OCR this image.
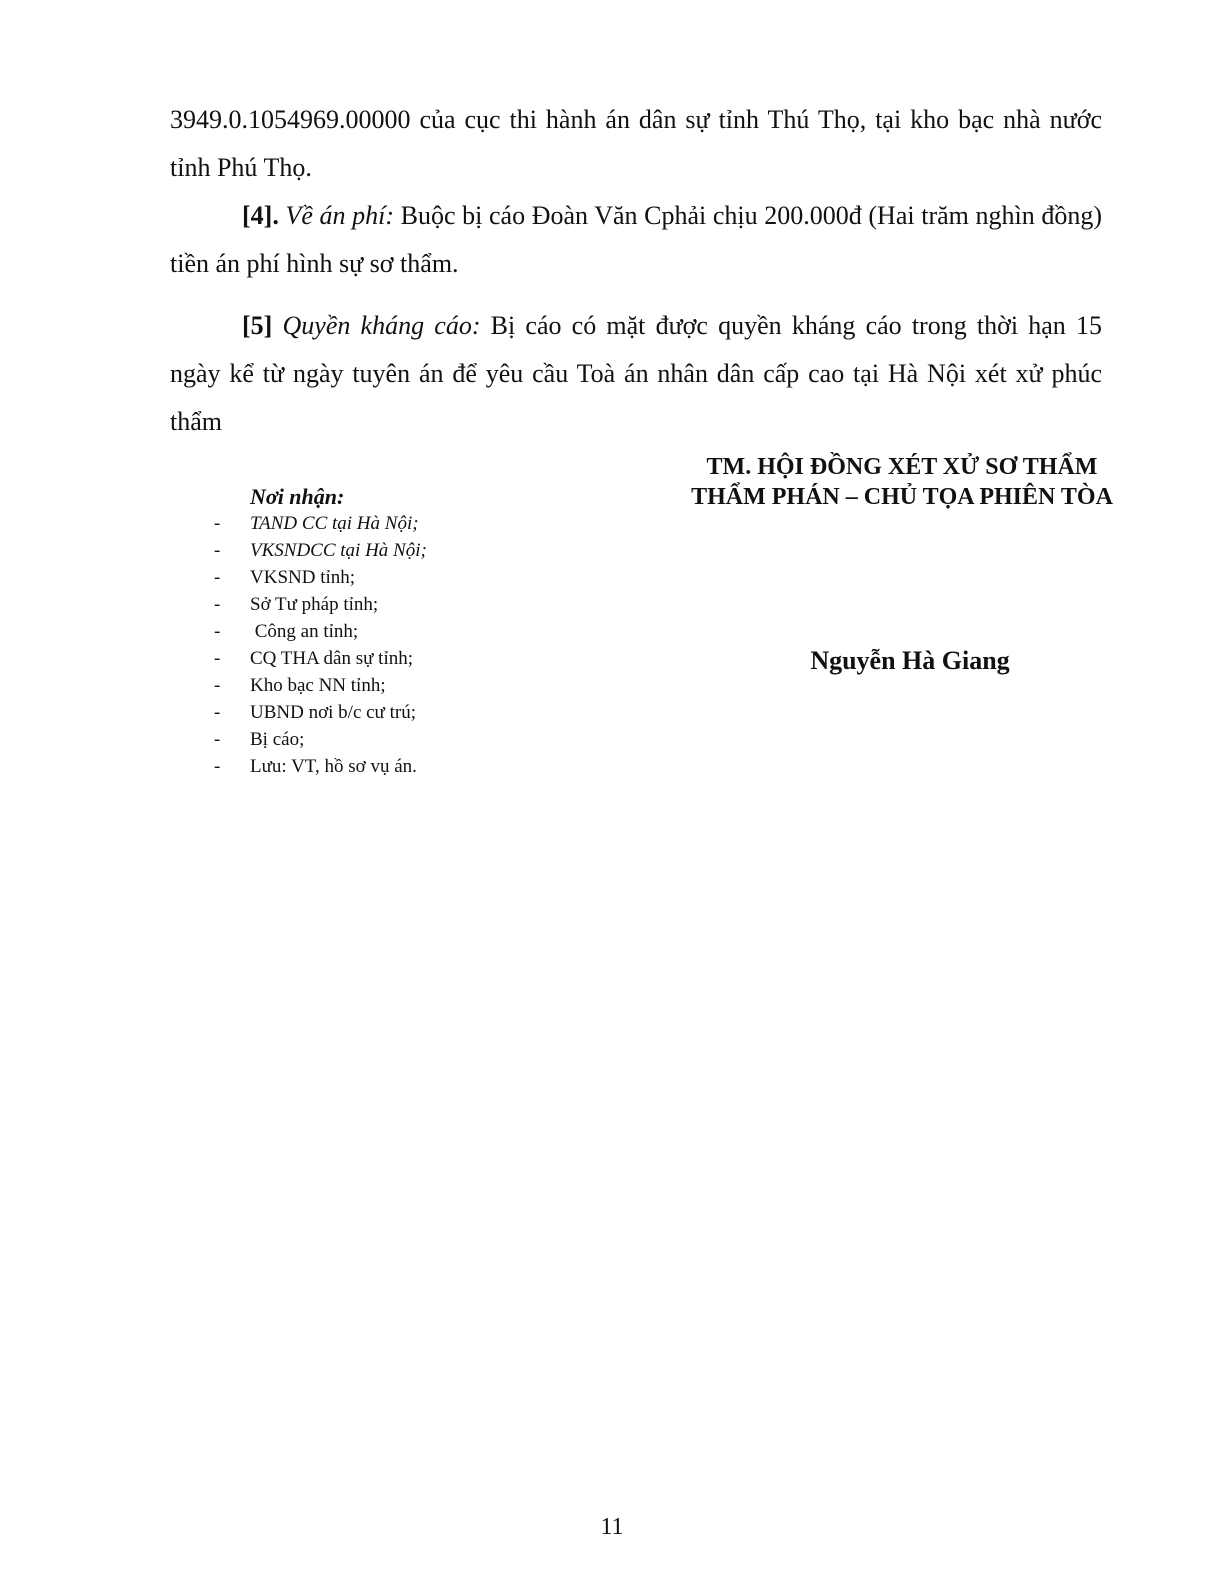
3949.0.1054969.00000 của cục thi hành án dân sự tỉnh Thú Thọ, tại kho bạc nhà nước tỉnh Phú Thọ.

[4]. Về án phí: Buộc bị cáo Đoàn Văn Cphải chịu 200.000đ (Hai trăm nghìn đồng) tiền án phí hình sự sơ thẩm.

[5] Quyền kháng cáo: Bị cáo có mặt được quyền kháng cáo trong thời hạn 15 ngày kể từ ngày tuyên án để yêu cầu Toà án nhân dân cấp cao tại Hà Nội xét xử phúc thẩm

Nơi nhận:
- TAND CC tại Hà Nội;
- VKSNDCC tại Hà Nội;
- VKSND tỉnh;
- Sở Tư pháp tỉnh;
- Công an tỉnh;
- CQ THA dân sự tỉnh;
- Kho bạc NN tỉnh;
- UBND nơi b/c cư trú;
- Bị cáo;
- Lưu: VT, hồ sơ vụ án.
TM. HỘI ĐỒNG XÉT XỬ SƠ THẨM
THẨM PHÁN – CHỦ TỌA PHIÊN TÒA
Nguyễn Hà Giang
11
